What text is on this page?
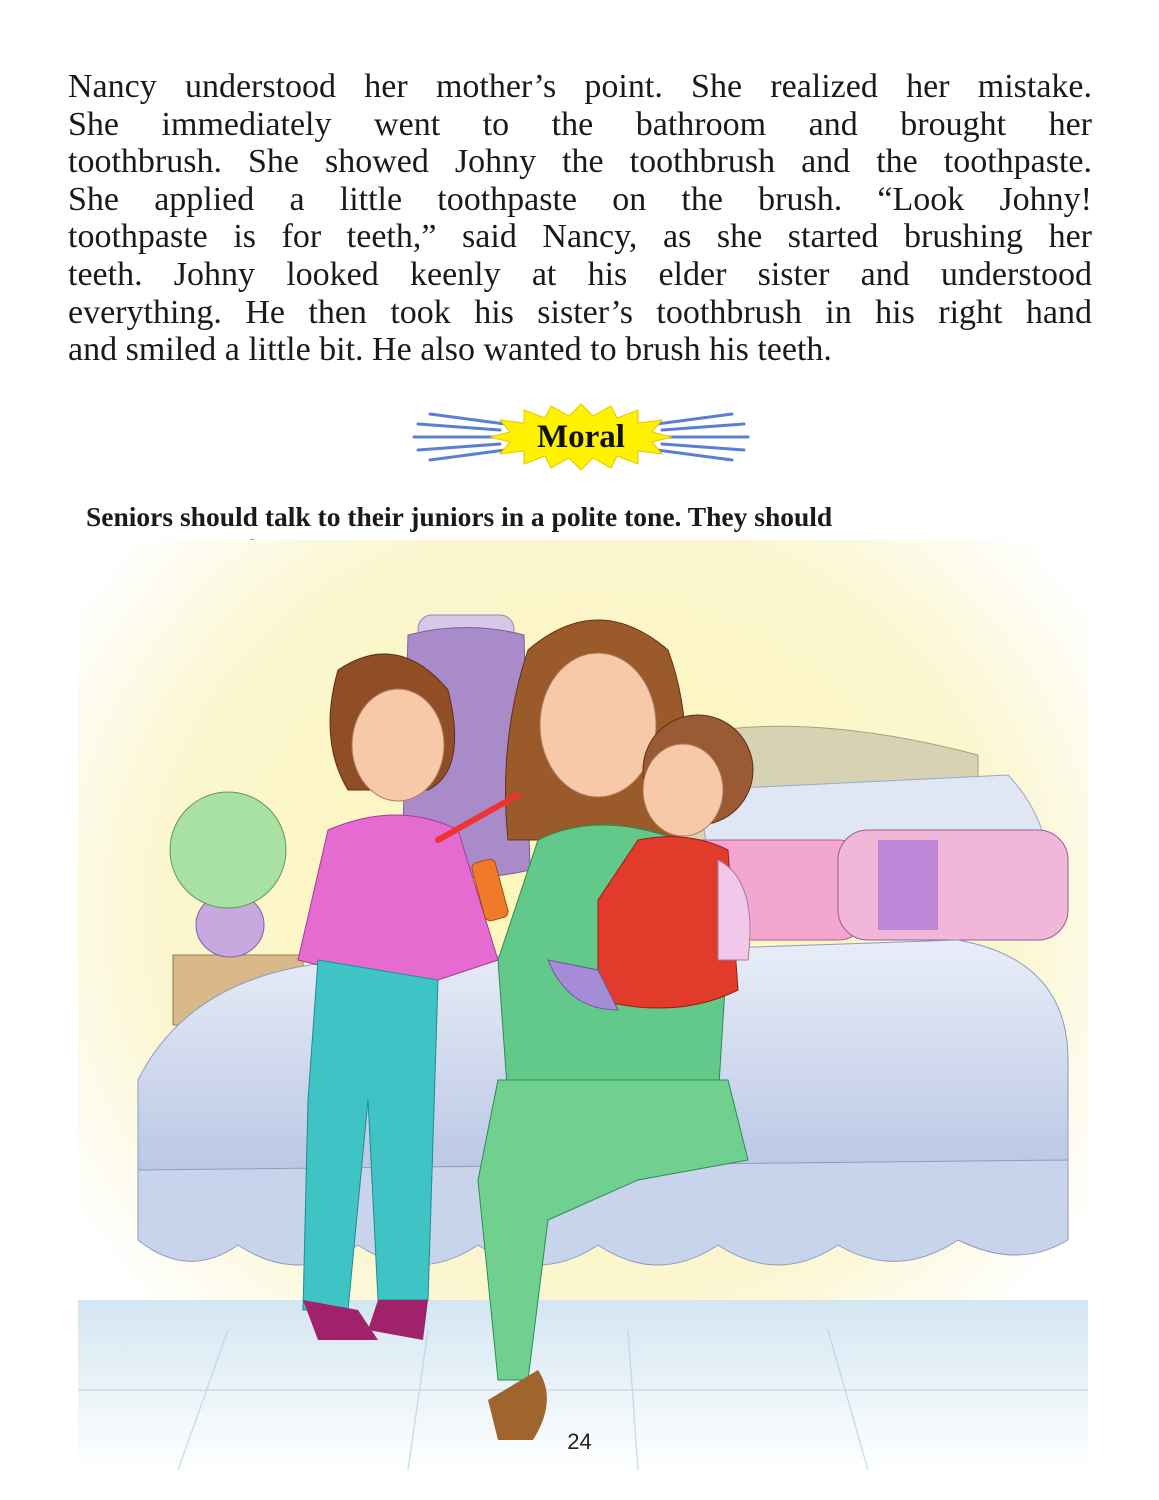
Nancy understood her mother’s point. She realized her mistake.
She immediately went to the bathroom and brought her
toothbrush. She showed Johny the toothbrush and the toothpaste.
She applied a little toothpaste on the brush. “Look Johny!
toothpaste is for teeth,” said Nancy, as she started brushing her
teeth. Johny looked keenly at his elder sister and understood
everything. He then took his sister’s toothbrush in his right hand
and smiled a little bit. He also wanted to brush his teeth.

Moral

Seniors should talk to their juniors in a polite tone. They should

24
